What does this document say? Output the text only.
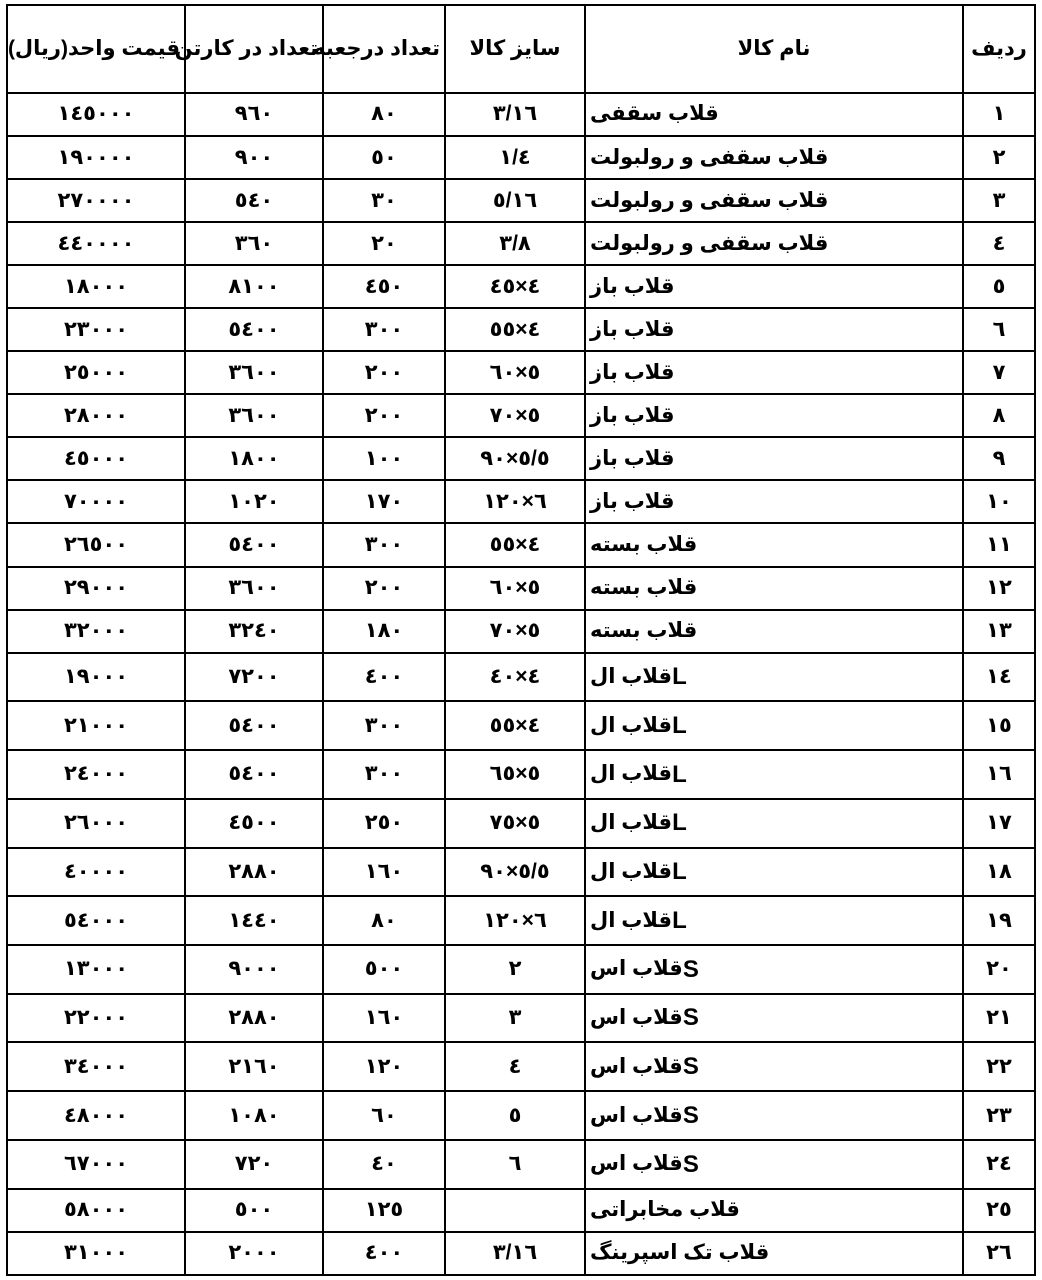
ردیف	نام کالا	سایز کالا	تعداد درجعبه	تعداد در کارتن	قیمت واحد(ریال)

١	قلاب سقفی	٣/١٦	٨٠	٩٦٠	١٤٥٠٠٠
٢	قلاب سقفی و رولبولت	١/٤	٥٠	٩٠٠	١٩٠٠٠٠
٣	قلاب سقفی و رولبولت	٥/١٦	٣٠	٥٤٠	٢٧٠٠٠٠
٤	قلاب سقفی و رولبولت	٣/٨	٢٠	٣٦٠	٤٤٠٠٠٠
٥	قلاب باز	٤×٤٥	٤٥٠	٨١٠٠	١٨٠٠٠
٦	قلاب باز	٤×٥٥	٣٠٠	٥٤٠٠	٢٣٠٠٠
٧	قلاب باز	٥×٦٠	٢٠٠	٣٦٠٠	٢٥٠٠٠
٨	قلاب باز	٥×٧٠	٢٠٠	٣٦٠٠	٢٨٠٠٠
٩	قلاب باز	٥/٥×٩٠	١٠٠	١٨٠٠	٤٥٠٠٠
١٠	قلاب باز	٦×١٢٠	١٧٠	١٠٢٠	٧٠٠٠٠
١١	قلاب بسته	٤×٥٥	٣٠٠	٥٤٠٠	٢٦٥٠٠
١٢	قلاب بسته	٥×٦٠	٢٠٠	٣٦٠٠	٢٩٠٠٠
١٣	قلاب بسته	٥×٧٠	١٨٠	٣٢٤٠	٣٢٠٠٠
١٤	قلاب ال L	٤×٤٠	٤٠٠	٧٢٠٠	١٩٠٠٠
١٥	قلاب ال L	٤×٥٥	٣٠٠	٥٤٠٠	٢١٠٠٠
١٦	قلاب ال L	٥×٦٥	٣٠٠	٥٤٠٠	٢٤٠٠٠
١٧	قلاب ال L	٥×٧٥	٢٥٠	٤٥٠٠	٢٦٠٠٠
١٨	قلاب ال L	٥/٥×٩٠	١٦٠	٢٨٨٠	٤٠٠٠٠
١٩	قلاب ال L	٦×١٢٠	٨٠	١٤٤٠	٥٤٠٠٠
٢٠	قلاب اس S	٢	٥٠٠	٩٠٠٠	١٣٠٠٠
٢١	قلاب اس S	٣	١٦٠	٢٨٨٠	٢٢٠٠٠
٢٢	قلاب اس S	٤	١٢٠	٢١٦٠	٣٤٠٠٠
٢٣	قلاب اس S	٥	٦٠	١٠٨٠	٤٨٠٠٠
٢٤	قلاب اس S	٦	٤٠	٧٢٠	٦٧٠٠٠
٢٥	قلاب مخابراتی		١٢٥	٥٠٠	٥٨٠٠٠
٢٦	قلاب تک اسپرینگ	٣/١٦	٤٠٠	٢٠٠٠	٣١٠٠٠
